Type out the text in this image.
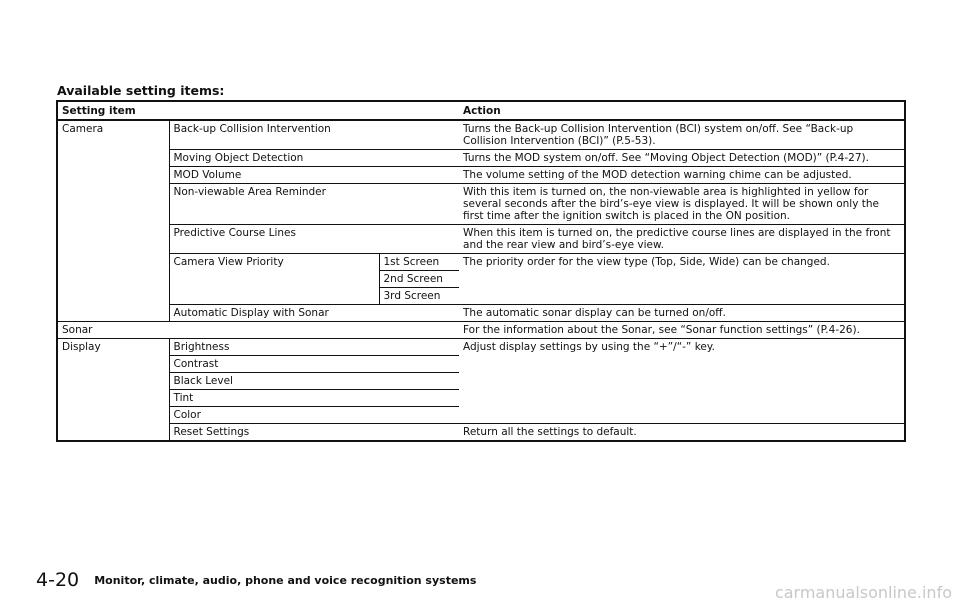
Available setting items:
Setting item			Action
Camera	Back-up Collision Intervention		Turns the Back-up Collision Intervention (BCI) system on/off. See “Back-up Collision Intervention (BCI)” (P.5-53).
	Moving Object Detection		Turns the MOD system on/off. See “Moving Object Detection (MOD)” (P.4-27).
	MOD Volume		The volume setting of the MOD detection warning chime can be adjusted.
	Non-viewable Area Reminder		With this item is turned on, the non-viewable area is highlighted in yellow for several seconds after the bird’s-eye view is displayed. It will be shown only the first time after the ignition switch is placed in the ON position.
	Predictive Course Lines		When this item is turned on, the predictive course lines are displayed in the front and the rear view and bird’s-eye view.
	Camera View Priority	1st Screen	The priority order for the view type (Top, Side, Wide) can be changed.
		2nd Screen	
		3rd Screen	
	Automatic Display with Sonar		The automatic sonar display can be turned on/off.
Sonar			For the information about the Sonar, see “Sonar function settings” (P.4-26).
Display	Brightness		Adjust display settings by using the “+”/“-” key.
	Contrast		
	Black Level		
	Tint		
	Color		
	Reset Settings		Return all the settings to default.
4-20 Monitor, climate, audio, phone and voice recognition systems
carmanualsonline.info
